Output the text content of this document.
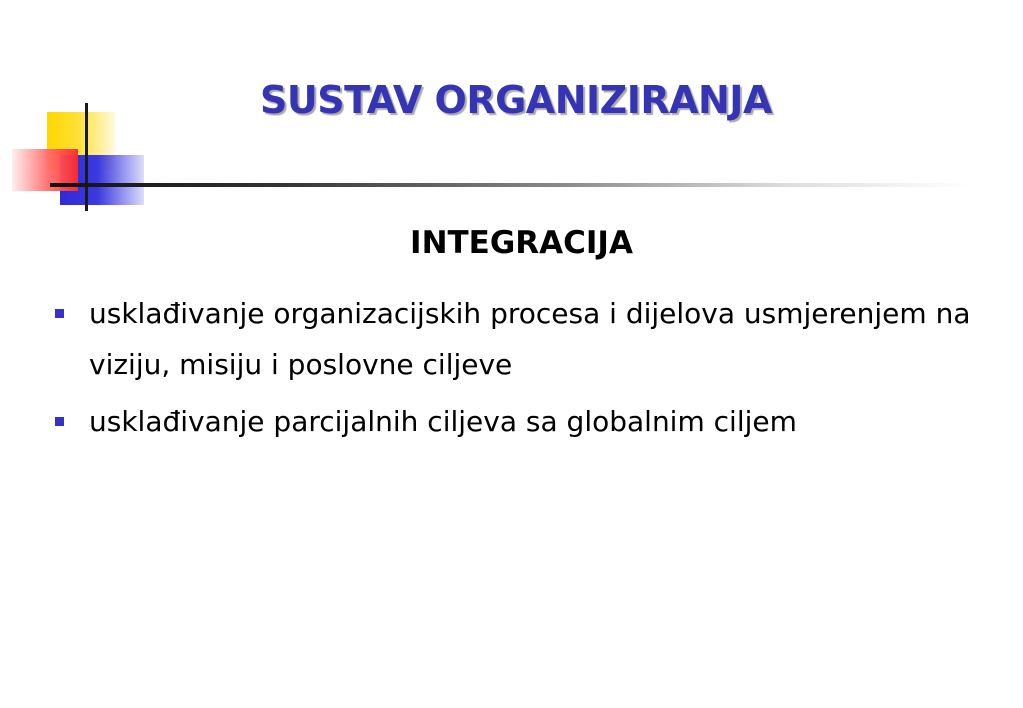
SUSTAV ORGANIZIRANJA
INTEGRACIJA
usklađivanje organizacijskih procesa i dijelova usmjerenjem na viziju, misiju i poslovne ciljeve
usklađivanje parcijalnih ciljeva sa globalnim ciljem
